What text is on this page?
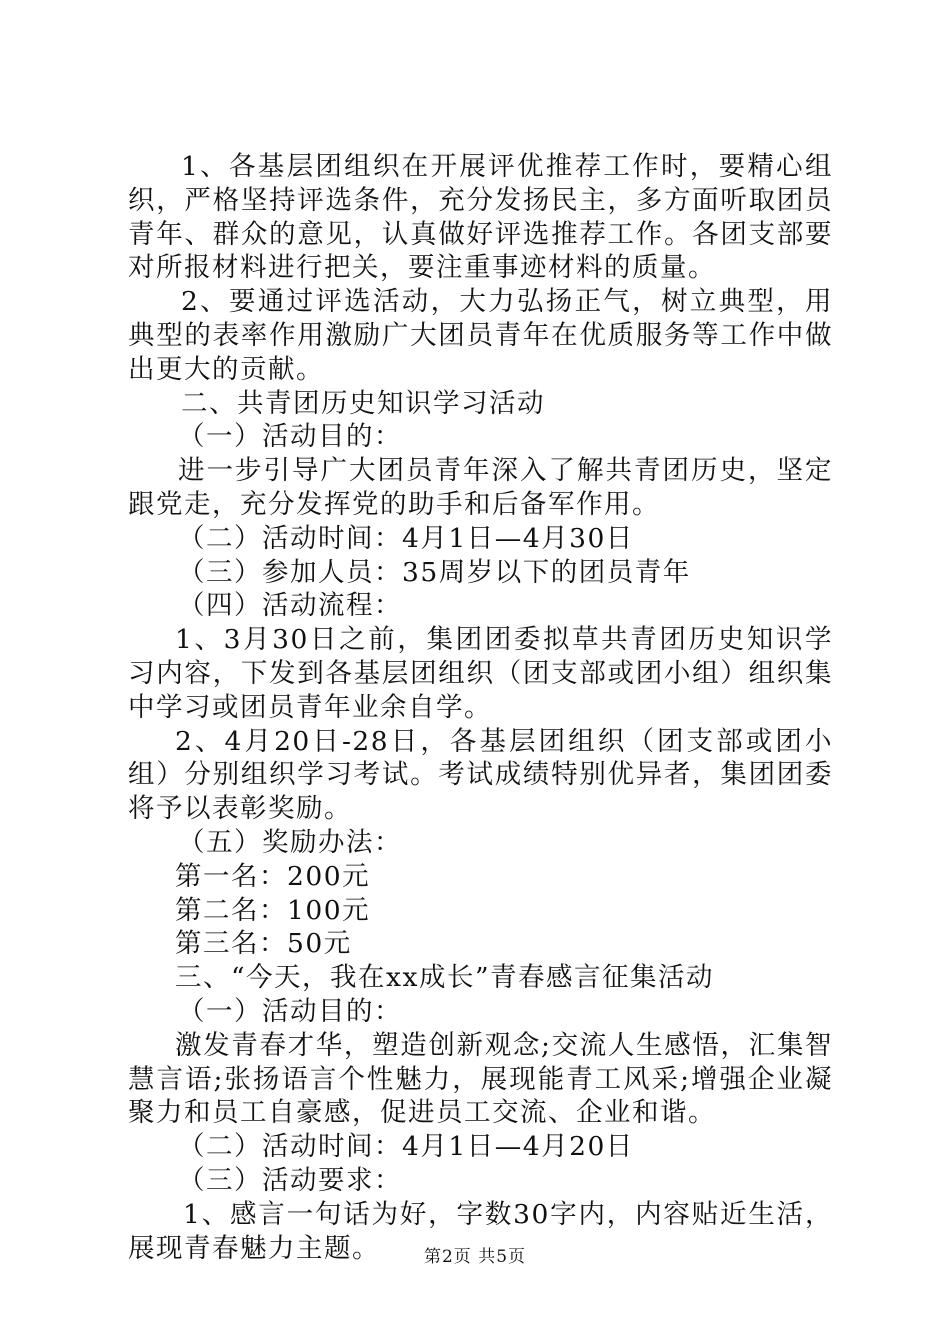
1、各基层团组织在开展评优推荐工作时，要精心组织，严格坚持评选条件，充分发扬民主，多方面听取团员青年、群众的意见，认真做好评选推荐工作。各团支部要对所报材料进行把关，要注重事迹材料的质量。

2、要通过评选活动，大力弘扬正气，树立典型，用典型的表率作用激励广大团员青年在优质服务等工作中做出更大的贡献。

二、共青团历史知识学习活动

（一）活动目的：

进一步引导广大团员青年深入了解共青团历史，坚定跟党走，充分发挥党的助手和后备军作用。

（二）活动时间：4月1日—4月30日

（三）参加人员：35周岁以下的团员青年

（四）活动流程：

1、3月30日之前，集团团委拟草共青团历史知识学习内容，下发到各基层团组织（团支部或团小组）组织集中学习或团员青年业余自学。

2、4月20日-28日，各基层团组织（团支部或团小组）分别组织学习考试。考试成绩特别优异者，集团团委将予以表彰奖励。

（五）奖励办法：

第一名：200元

第二名：100元

第三名：50元

三、“今天，我在xx成长”青春感言征集活动

（一）活动目的：

激发青春才华，塑造创新观念;交流人生感悟，汇集智慧言语;张扬语言个性魅力，展现能青工风采;增强企业凝聚力和员工自豪感，促进员工交流、企业和谐。

（二）活动时间：4月1日—4月20日

（三）活动要求：

1、感言一句话为好，字数30字内，内容贴近生活，展现青春魅力主题。	第2页 共5页
